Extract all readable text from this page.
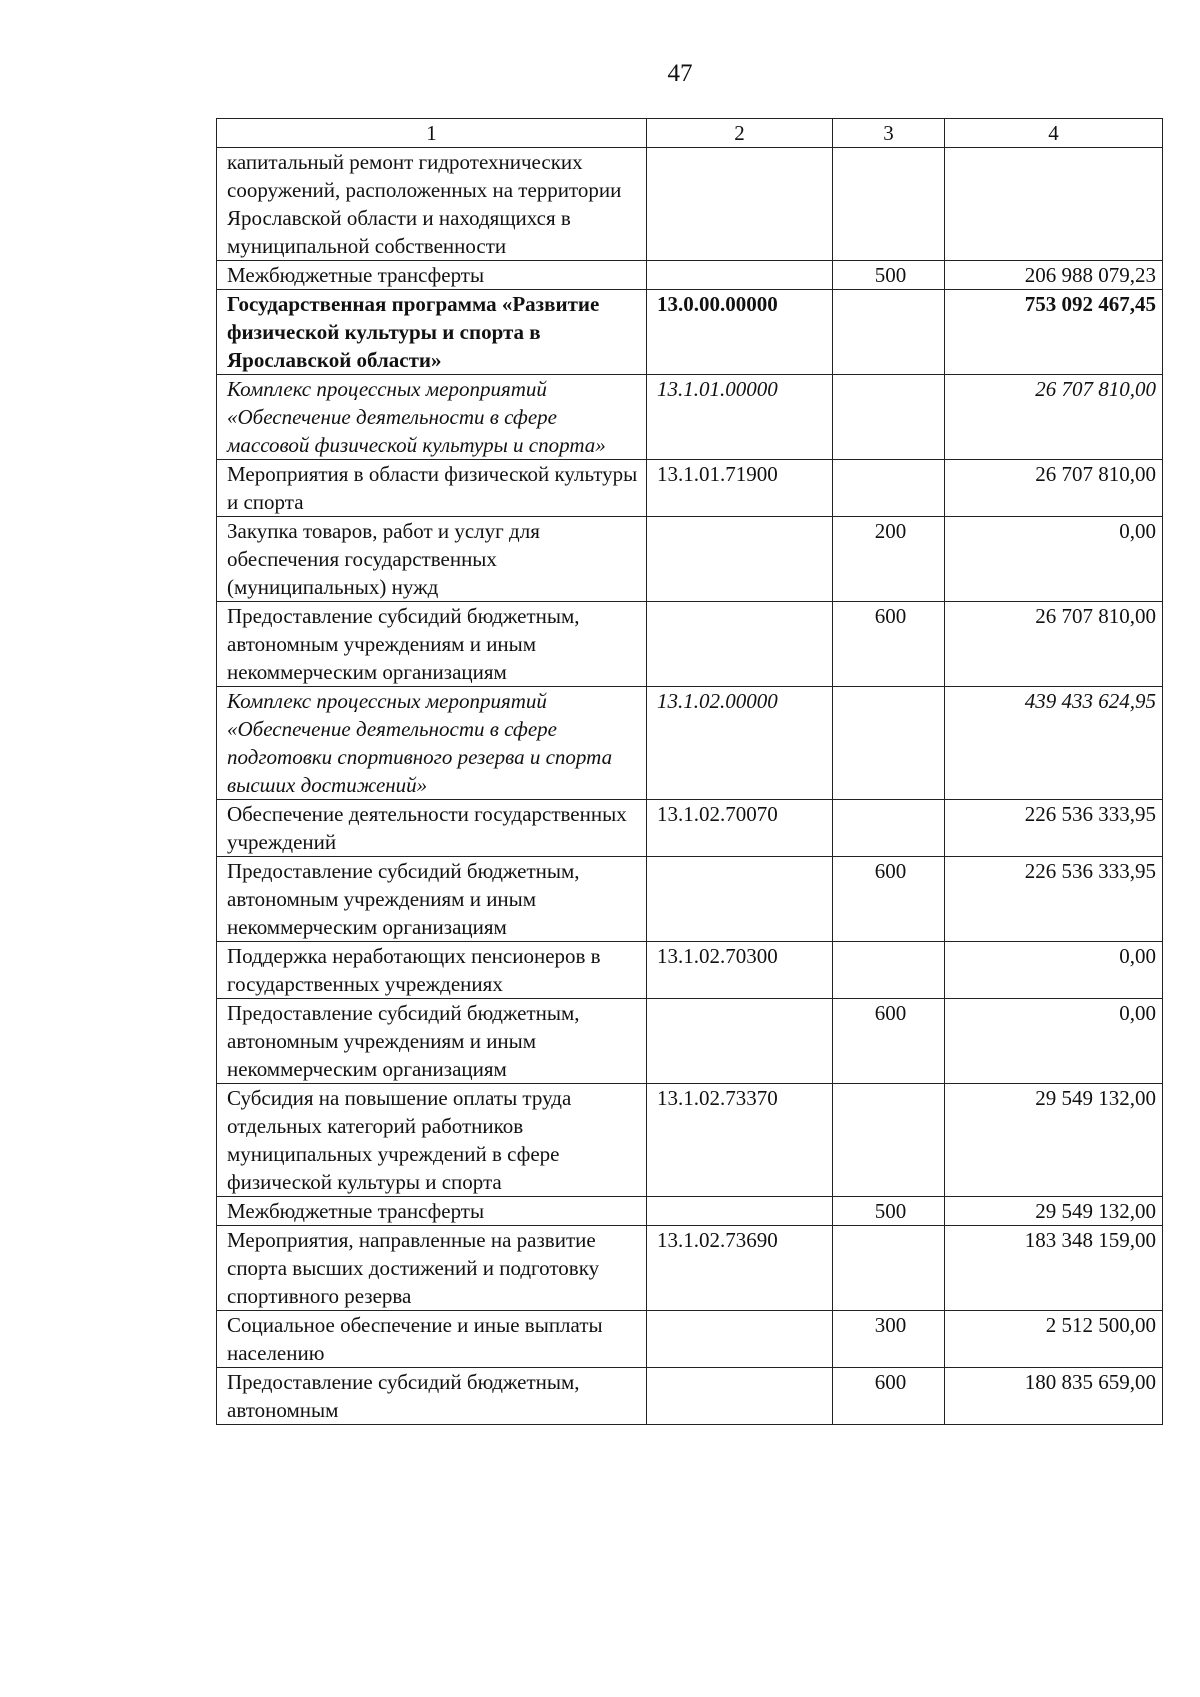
47
1	2	3	4
капитальный ремонт гидротехнических сооружений, расположенных на территории Ярославской области и находящихся в муниципальной собственности			
Межбюджетные трансферты		500	206 988 079,23
Государственная программа «Развитие физической культуры и спорта в Ярославской области»	13.0.00.00000		753 092 467,45
Комплекс процессных мероприятий «Обеспечение деятельности в сфере массовой физической культуры и спорта»	13.1.01.00000		26 707 810,00
Мероприятия в области физической культуры и спорта	13.1.01.71900		26 707 810,00
Закупка товаров, работ и услуг для обеспечения государственных (муниципальных) нужд		200	0,00
Предоставление субсидий бюджетным, автономным учреждениям и иным некоммерческим организациям		600	26 707 810,00
Комплекс процессных мероприятий «Обеспечение деятельности в сфере подготовки спортивного резерва и спорта высших достижений»	13.1.02.00000		439 433 624,95
Обеспечение деятельности государственных учреждений	13.1.02.70070		226 536 333,95
Предоставление субсидий бюджетным, автономным учреждениям и иным некоммерческим организациям		600	226 536 333,95
Поддержка неработающих пенсионеров в государственных учреждениях	13.1.02.70300		0,00
Предоставление субсидий бюджетным, автономным учреждениям и иным некоммерческим организациям		600	0,00
Субсидия на повышение оплаты труда отдельных категорий работников муниципальных учреждений в сфере физической культуры и спорта	13.1.02.73370		29 549 132,00
Межбюджетные трансферты		500	29 549 132,00
Мероприятия, направленные на развитие спорта высших достижений и подготовку спортивного резерва	13.1.02.73690		183 348 159,00
Социальное обеспечение и иные выплаты населению		300	2 512 500,00
Предоставление субсидий бюджетным, автономным		600	180 835 659,00
